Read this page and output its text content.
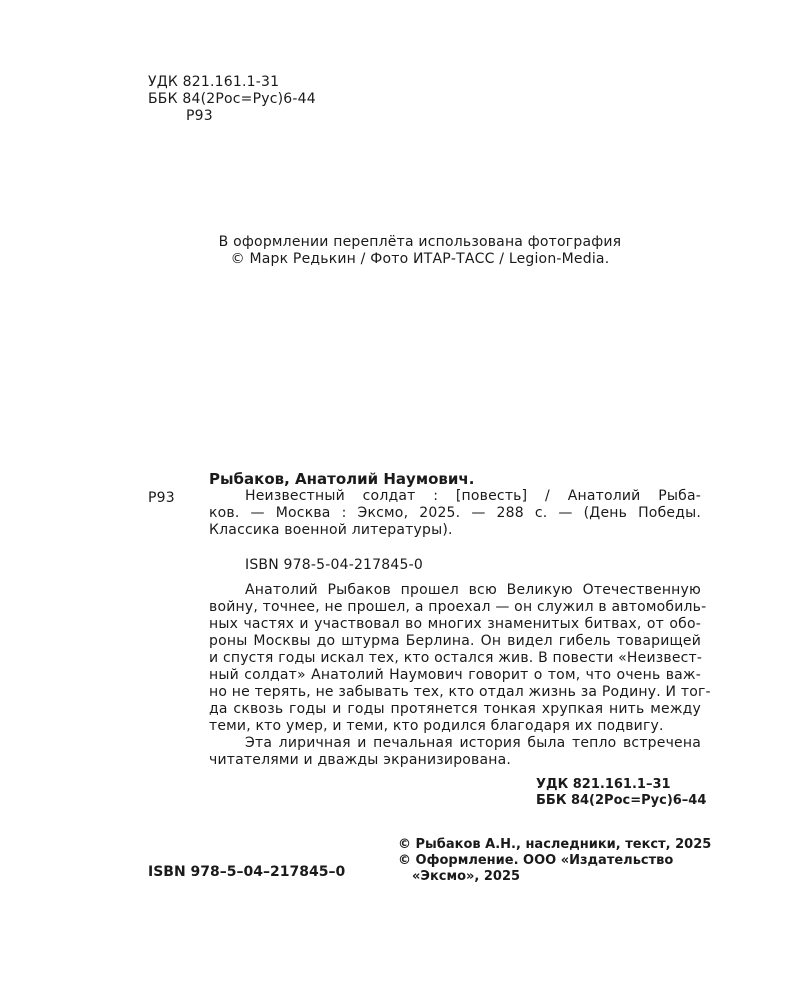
УДК 821.161.1-31
ББК 84(2Рос=Рус)6-44
Р93
В оформлении переплёта использована фотография
© Марк Редькин / Фото ИТАР-ТАСС / Legion-Media.
Рыбаков, Анатолий Наумович.
Р93	Неизвестный солдат : [повесть] / Анатолий Рыба-
ков. — Москва : Эксмо, 2025. — 288 с. — (День Победы.
Классика военной литературы).
ISBN 978-5-04-217845-0
Анатолий Рыбаков прошел всю Великую Отечественную
войну, точнее, не прошел, а проехал — он служил в автомобиль-
ных частях и участвовал во многих знаменитых битвах, от обо-
роны Москвы до штурма Берлина. Он видел гибель товарищей
и спустя годы искал тех, кто остался жив. В повести «Неизвест-
ный солдат» Анатолий Наумович говорит о том, что очень важ-
но не терять, не забывать тех, кто отдал жизнь за Родину. И тог-
да сквозь годы и годы протянется тонкая хрупкая нить между
теми, кто умер, и теми, кто родился благодаря их подвигу.
Эта лиричная и печальная история была тепло встречена
читателями и дважды экранизирована.
УДК 821.161.1–31
ББК 84(2Рос=Рус)6–44
© Рыбаков А.Н., наследники, текст, 2025
© Оформление. ООО «Издательство
«Эксмо», 2025
ISBN 978–5–04–217845–0
